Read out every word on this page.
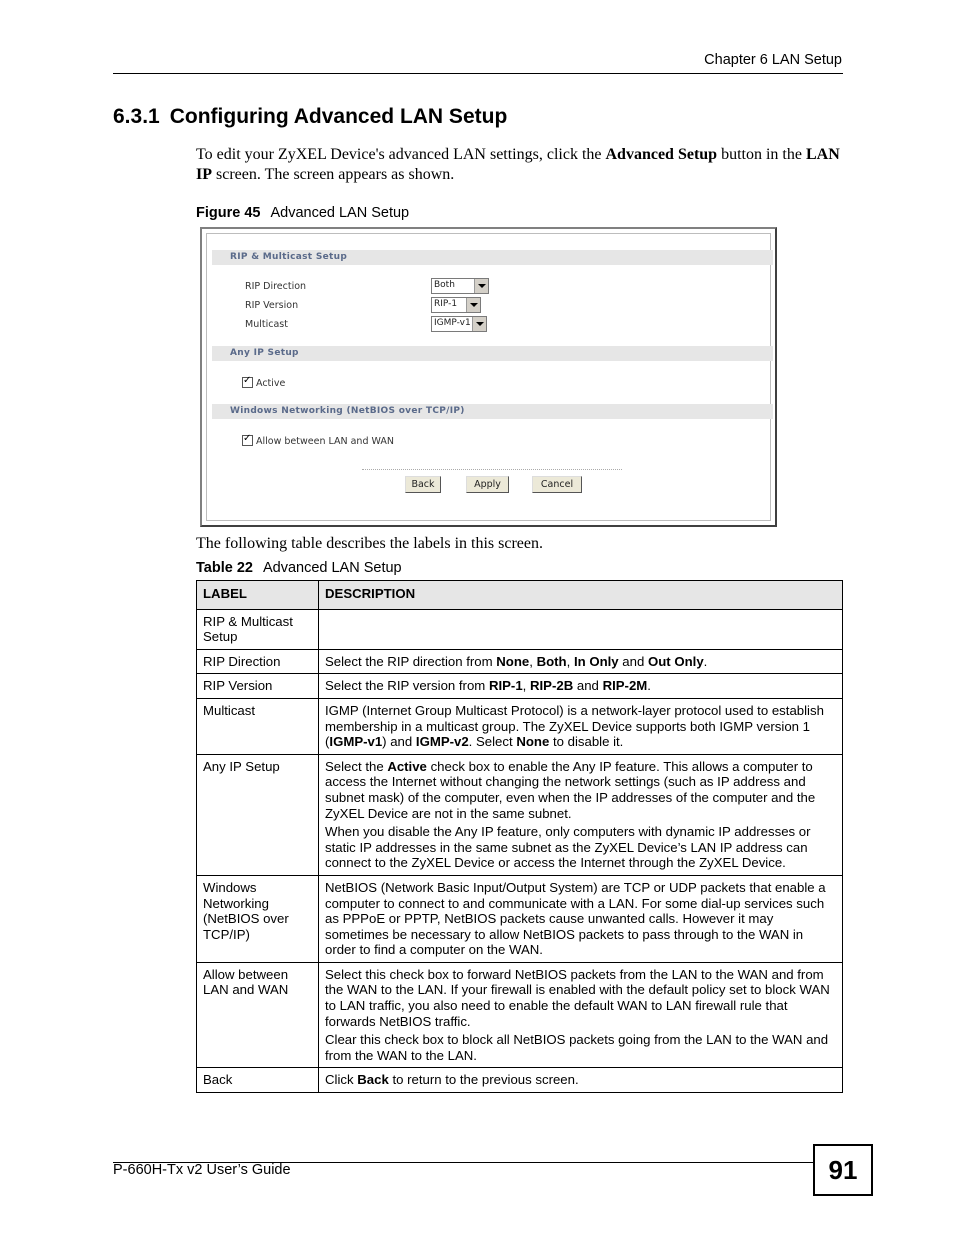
Chapter 6 LAN Setup
6.3.1 Configuring Advanced LAN Setup
To edit your ZyXEL Device's advanced LAN settings, click the Advanced Setup button in the LAN IP screen. The screen appears as shown.
Figure 45 Advanced LAN Setup
RIP & Multicast Setup
RIP Direction	Both
RIP Version	RIP-1
Multicast	IGMP-v1
Any IP Setup
✓
Active
Windows Networking (NetBIOS over TCP/IP)
✓
Allow between LAN and WAN
Back	Apply	Cancel
The following table describes the labels in this screen.
Table 22 Advanced LAN Setup
LABEL	DESCRIPTION
RIP & Multicast Setup	
RIP Direction	Select the RIP direction from None, Both, In Only and Out Only.
RIP Version	Select the RIP version from RIP-1, RIP-2B and RIP-2M.
Multicast	IGMP (Internet Group Multicast Protocol) is a network-layer protocol used to establish membership in a multicast group. The ZyXEL Device supports both IGMP version 1 (IGMP-v1) and IGMP-v2. Select None to disable it.
Any IP Setup	Select the Active check box to enable the Any IP feature. This allows a computer to access the Internet without changing the network settings (such as IP address and subnet mask) of the computer, even when the IP addresses of the computer and the ZyXEL Device are not in the same subnet.

When you disable the Any IP feature, only computers with dynamic IP addresses or static IP addresses in the same subnet as the ZyXEL Device’s LAN IP address can connect to the ZyXEL Device or access the Internet through the ZyXEL Device.

Windows Networking (NetBIOS over TCP/IP)	NetBIOS (Network Basic Input/Output System) are TCP or UDP packets that enable a computer to connect to and communicate with a LAN. For some dial-up services such as PPPoE or PPTP, NetBIOS packets cause unwanted calls. However it may sometimes be necessary to allow NetBIOS packets to pass through to the WAN in order to find a computer on the WAN.
Allow between LAN and WAN	Select this check box to forward NetBIOS packets from the LAN to the WAN and from the WAN to the LAN. If your firewall is enabled with the default policy set to block WAN to LAN traffic, you also need to enable the default WAN to LAN firewall rule that forwards NetBIOS traffic.

Clear this check box to block all NetBIOS packets going from the LAN to the WAN and from the WAN to the LAN.

Back	Click Back to return to the previous screen.
P-660H-Tx v2 User’s Guide	91
